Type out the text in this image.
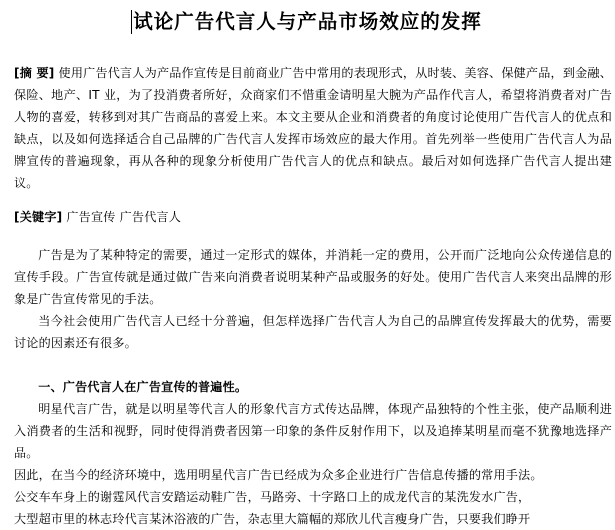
试论广告代言人与产品市场效应的发挥

[摘 要] 使用广告代言人为产品作宣传是目前商业广告中常用的表现形式，从时装、美容、保健产品，到金融、保险、地产、IT 业，为了投消费者所好，众商家们不惜重金请明星大腕为产品作代言人，希望将消费者对广告人物的喜爱，转移到对其广告商品的喜爱上来。本文主要从企业和消费者的角度讨论使用广告代言人的优点和缺点，以及如何选择适合自己品牌的广告代言人发挥市场效应的最大作用。首先列举一些使用广告代言人为品牌宣传的普遍现象，再从各种的现象分析使用广告代言人的优点和缺点。最后对如何选择广告代言人提出建议。

[关键字] 广告宣传 广告代言人

广告是为了某种特定的需要，通过一定形式的媒体，并消耗一定的费用，公开而广泛地向公众传递信息的宣传手段。广告宣传就是通过做广告来向消费者说明某种产品或服务的好处。使用广告代言人来突出品牌的形象是广告宣传常见的手法。

当今社会使用广告代言人已经十分普遍，但怎样选择广告代言人为自己的品牌宣传发挥最大的优势，需要讨论的因素还有很多。

一、广告代言人在广告宣传的普遍性。

明星代言广告，就是以明星等代言人的形象代言方式传达品牌，体现产品独特的个性主张，使产品顺利进入消费者的生活和视野，同时使得消费者因第一印象的条件反射作用下，以及追捧某明星而毫不犹豫地选择产品。

因此，在当今的经济环境中，选用明星代言广告已经成为众多企业进行广告信息传播的常用手法。

公交车车身上的谢霆风代言安踏运动鞋广告，马路旁、十字路口上的成龙代言的某洗发水广告，

大型超市里的林志玲代言某沐浴液的广告，杂志里大篇幅的郑欣儿代言瘦身广告，只要我们睁开
